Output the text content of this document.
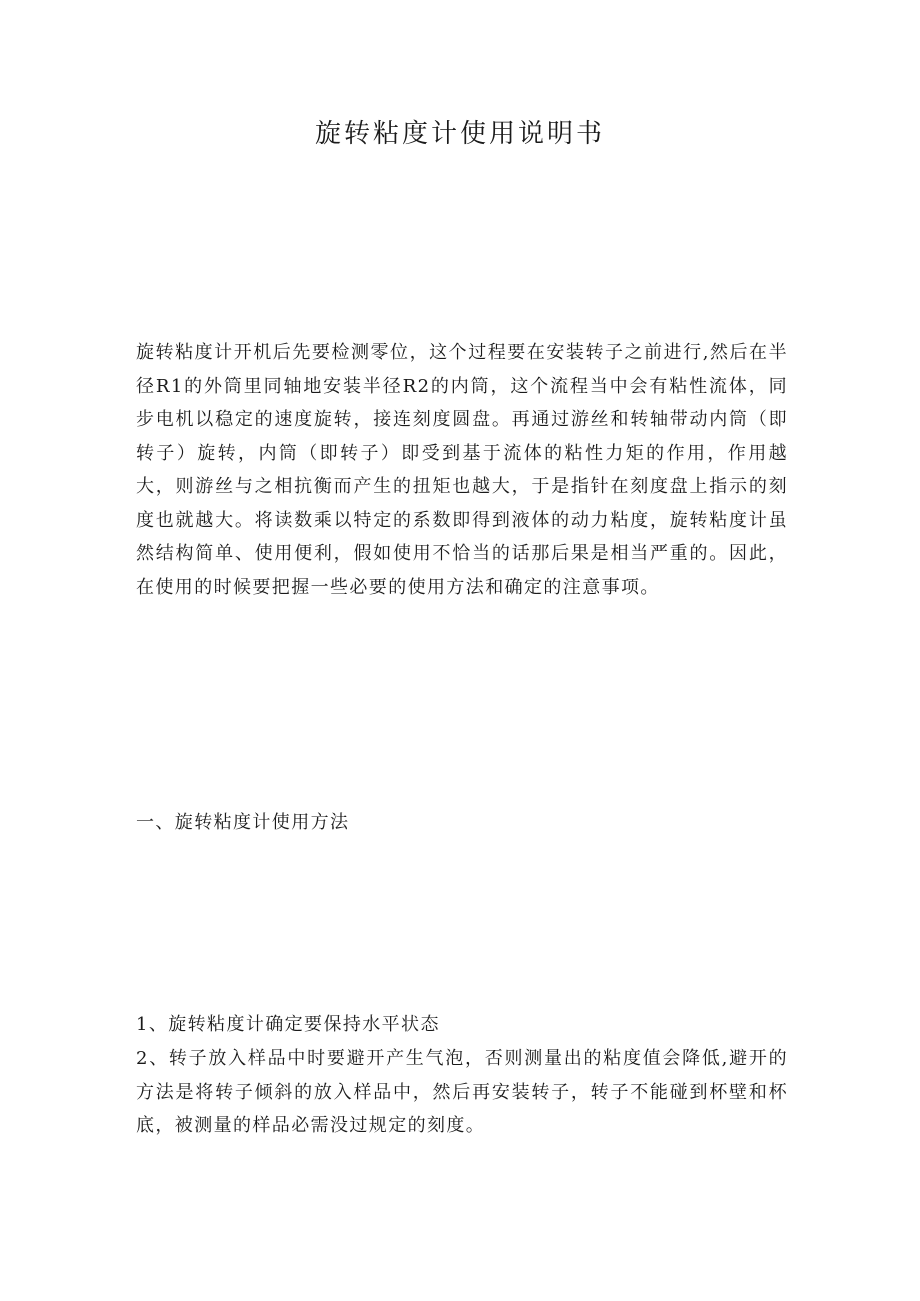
旋转粘度计使用说明书

旋转粘度计开机后先要检测零位，这个过程要在安装转子之前进行,然后在半径R1的外筒里同轴地安装半径R2的内筒，这个流程当中会有粘性流体，同步电机以稳定的速度旋转，接连刻度圆盘。再通过游丝和转轴带动内筒（即转子）旋转，内筒（即转子）即受到基于流体的粘性力矩的作用，作用越大，则游丝与之相抗衡而产生的扭矩也越大，于是指针在刻度盘上指示的刻度也就越大。将读数乘以特定的系数即得到液体的动力粘度，旋转粘度计虽然结构简单、使用便利，假如使用不恰当的话那后果是相当严重的。因此，在使用的时候要把握一些必要的使用方法和确定的注意事项。

一、旋转粘度计使用方法

1、旋转粘度计确定要保持水平状态

2、转子放入样品中时要避开产生气泡，否则测量出的粘度值会降低,避开的方法是将转子倾斜的放入样品中，然后再安装转子，转子不能碰到杯壁和杯底，被测量的样品必需没过规定的刻度。
